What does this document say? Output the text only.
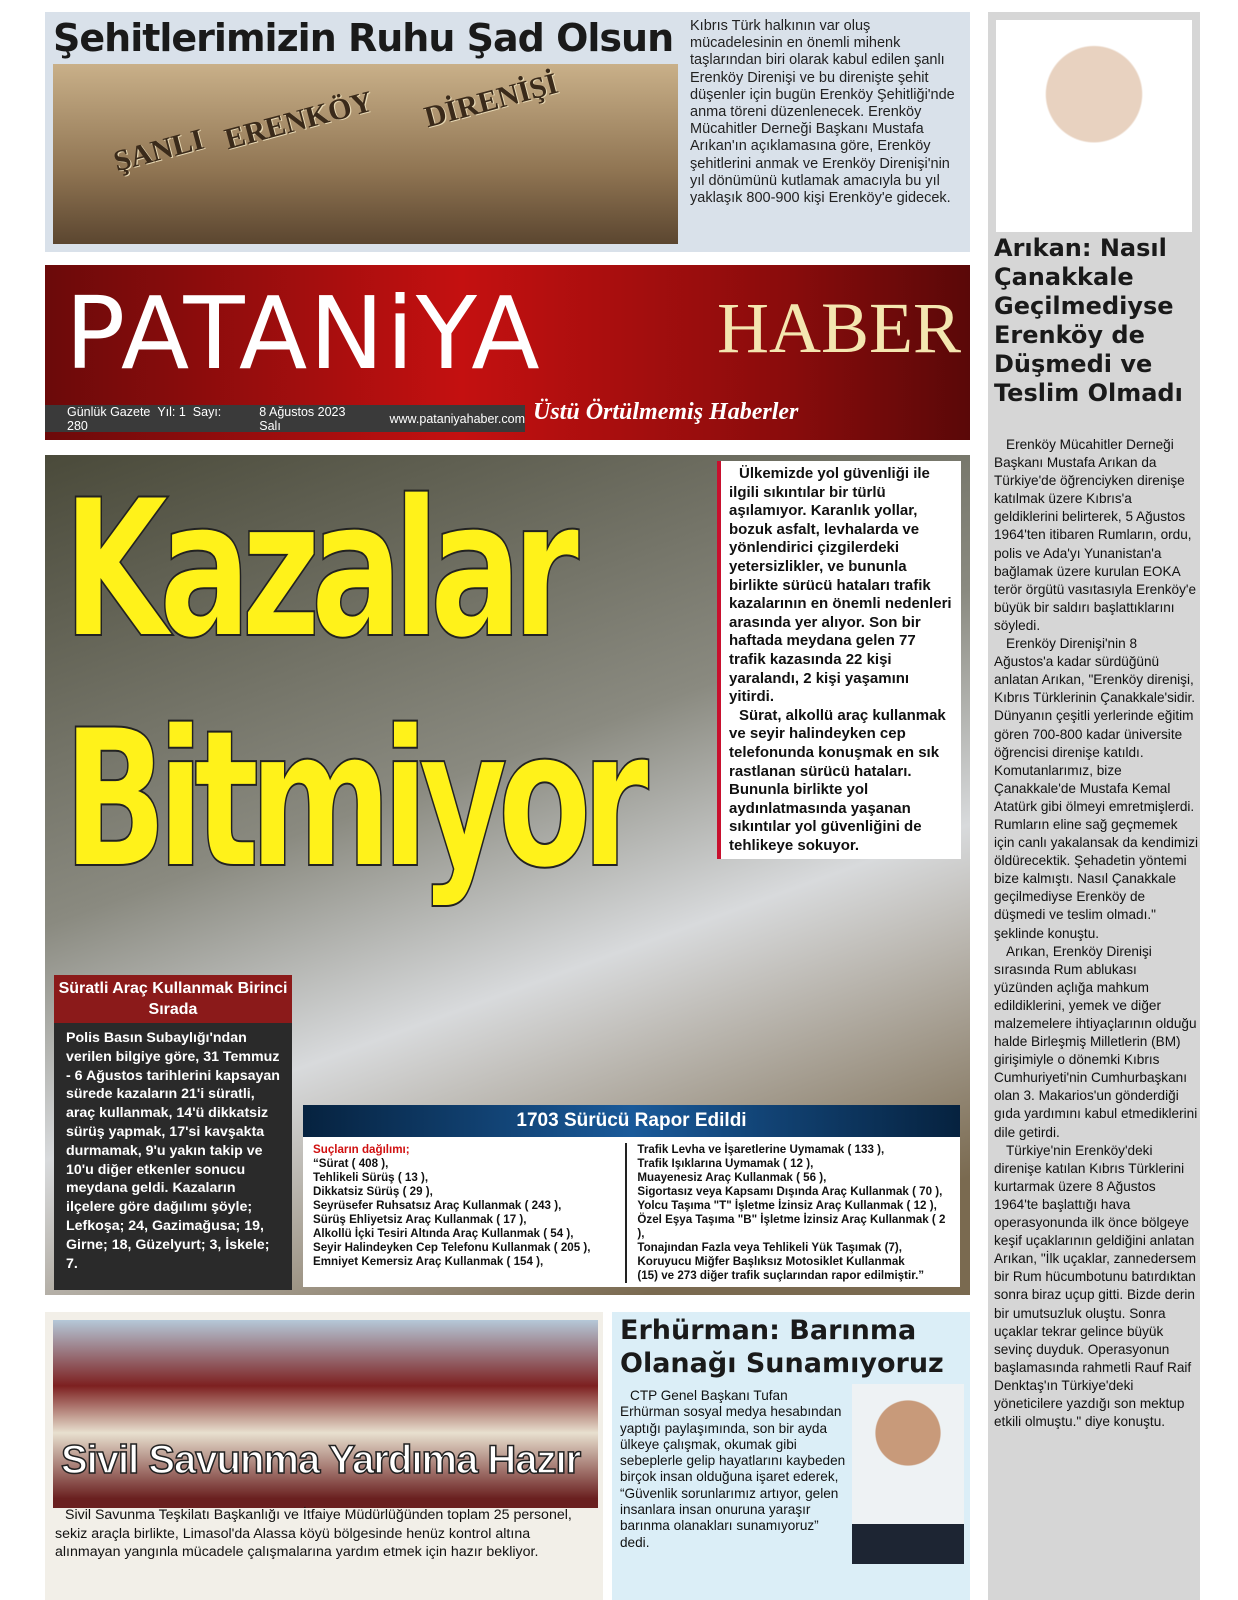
Şehitlerimizin Ruhu Şad Olsun
ŞANLI ERENKÖY DİRENİŞİ

Kıbrıs Türk halkının var oluş mücadelesinin en önemli mihenk taşlarından biri olarak kabul edilen şanlı Erenköy Direnişi ve bu direnişte şehit düşenler için bugün Erenköy Şehitliği'nde anma töreni düzenlenecek. Erenköy Mücahitler Derneği Başkanı Mustafa Arıkan'ın açıklamasına göre, Erenköy şehitlerini anmak ve Erenköy Direnişi'nin yıl dönümünü kutlamak amacıyla bu yıl yaklaşık 800-900 kişi Erenköy'e gidecek.

Arıkan: Nasıl Çanakkale Geçilmediyse Erenköy de Düşmedi ve Teslim Olmadı

Erenköy Mücahitler Derneği Başkanı Mustafa Arıkan da Türkiye'de öğrenciyken direnişe katılmak üzere Kıbrıs'a geldiklerini belirterek, 5 Ağustos 1964'ten itibaren Rumların, ordu, polis ve Ada'yı Yunanistan'a bağlamak üzere kurulan EOKA terör örgütü vasıtasıyla Erenköy'e büyük bir saldırı başlattıklarını söyledi.

Erenköy Direnişi'nin 8 Ağustos'a kadar sürdüğünü anlatan Arıkan, "Erenköy direnişi, Kıbrıs Türklerinin Çanakkale'sidir. Dünyanın çeşitli yerlerinde eğitim gören 700-800 kadar üniversite öğrencisi direnişe katıldı. Komutanlarımız, bize Çanakkale'de Mustafa Kemal Atatürk gibi ölmeyi emretmişlerdi. Rumların eline sağ geçmemek için canlı yakalansak da kendimizi öldürecektik. Şehadetin yöntemi bize kalmıştı. Nasıl Çanakkale geçilmediyse Erenköy de düşmedi ve teslim olmadı." şeklinde konuştu.

Arıkan, Erenköy Direnişi sırasında Rum ablukası yüzünden açlığa mahkum edildiklerini, yemek ve diğer malzemelere ihtiyaçlarının olduğu halde Birleşmiş Milletlerin (BM) girişimiyle o dönemki Kıbrıs Cumhuriyeti'nin Cumhurbaşkanı olan 3. Makarios'un gönderdiği gıda yardımını kabul etmediklerini dile getirdi.

Türkiye'nin Erenköy'deki direnişe katılan Kıbrıs Türklerini kurtarmak üzere 8 Ağustos 1964'te başlattığı hava operasyonunda ilk önce bölgeye keşif uçaklarının geldiğini anlatan Arıkan, "İlk uçaklar, zannedersem bir Rum hücumbotunu batırdıktan sonra biraz uçup gitti. Bizde derin bir umutsuzluk oluştu. Sonra uçaklar tekrar gelince büyük sevinç duyduk. Operasyonun başlamasında rahmetli Rauf Raif Denktaş'ın Türkiye'deki yöneticilere yazdığı son mektup etkili olmuştu." diye konuştu.

PATANiYA HABER
Günlük Gazete Yıl: 1 Sayı: 280
8 Ağustos 2023 Salı	www.pataniyahaber.com Üstü Örtülmemiş Haberler
Kazalar
Bitmiyor

Ülkemizde yol güvenliği ile ilgili sıkıntılar bir türlü aşılamıyor. Karanlık yollar, bozuk asfalt, levhalarda ve yönlendirici çizgilerdeki yetersizlikler, ve bununla birlikte sürücü hataları trafik kazalarının en önemli nedenleri arasında yer alıyor. Son bir haftada meydana gelen 77 trafik kazasında 22 kişi yaralandı, 2 kişi yaşamını yitirdi.

Sürat, alkollü araç kullanmak ve seyir halindeyken cep telefonunda konuşmak en sık rastlanan sürücü hataları. Bununla birlikte yol aydınlatmasında yaşanan sıkıntılar yol güvenliğini de tehlikeye sokuyor.

Süratli Araç Kullanmak Birinci Sırada
Polis Basın Subaylığı'ndan verilen bilgiye göre, 31 Temmuz - 6 Ağustos tarihlerini kapsayan sürede kazaların 21'i süratli, araç kullanmak, 14'ü dikkatsiz sürüş yapmak, 17'si kavşakta durmamak, 9'u yakın takip ve 10'u diğer etkenler sonucu meydana geldi. Kazaların ilçelere göre dağılımı şöyle; Lefkoşa; 24, Gazimağusa; 19, Girne; 18, Güzelyurt; 3, İskele; 7.
1703 Sürücü Rapor Edildi
Suçların dağılımı;
“Sürat ( 408 ),
Tehlikeli Sürüş ( 13 ),
Dikkatsiz Sürüş ( 29 ),
Seyrüsefer Ruhsatsız Araç Kullanmak ( 243 ),
Sürüş Ehliyetsiz Araç Kullanmak ( 17 ),
Alkollü İçki Tesiri Altında Araç Kullanmak ( 54 ),
Seyir Halindeyken Cep Telefonu Kullanmak ( 205 ),
Emniyet Kemersiz Araç Kullanmak ( 154 ),
Trafik Levha ve İşaretlerine Uymamak ( 133 ),
Trafik Işıklarına Uymamak ( 12 ),
Muayenesiz Araç Kullanmak ( 56 ),
Sigortasız veya Kapsamı Dışında Araç Kullanmak ( 70 ),
Yolcu Taşıma "T" İşletme İzinsiz Araç Kullanmak ( 12 ),
Özel Eşya Taşıma "B" İşletme İzinsiz Araç Kullanmak ( 2 ),
Tonajından Fazla veya Tehlikeli Yük Taşımak (7),
Koruyucu Miğfer Başlıksız Motosiklet Kullanmak
(15) ve 273 diğer trafik suçlarından rapor edilmiştir.”
Sivil Savunma Yardıma Hazır

Sivil Savunma Teşkilatı Başkanlığı ve İtfaiye Müdürlüğünden toplam 25 personel, sekiz araçla birlikte, Limasol'da Alassa köyü bölgesinde henüz kontrol altına alınmayan yangınla mücadele çalışmalarına yardım etmek için hazır bekliyor.

Erhürman: Barınma Olanağı Sunamıyoruz

CTP Genel Başkanı Tufan Erhürman sosyal medya hesabından yaptığı paylaşımında, son bir ayda ülkeye çalışmak, okumak gibi sebeplerle gelip hayatlarını kaybeden birçok insan olduğuna işaret ederek, “Güvenlik sorunlarımız artıyor, gelen insanlara insan onuruna yaraşır barınma olanakları sunamıyoruz” dedi.
